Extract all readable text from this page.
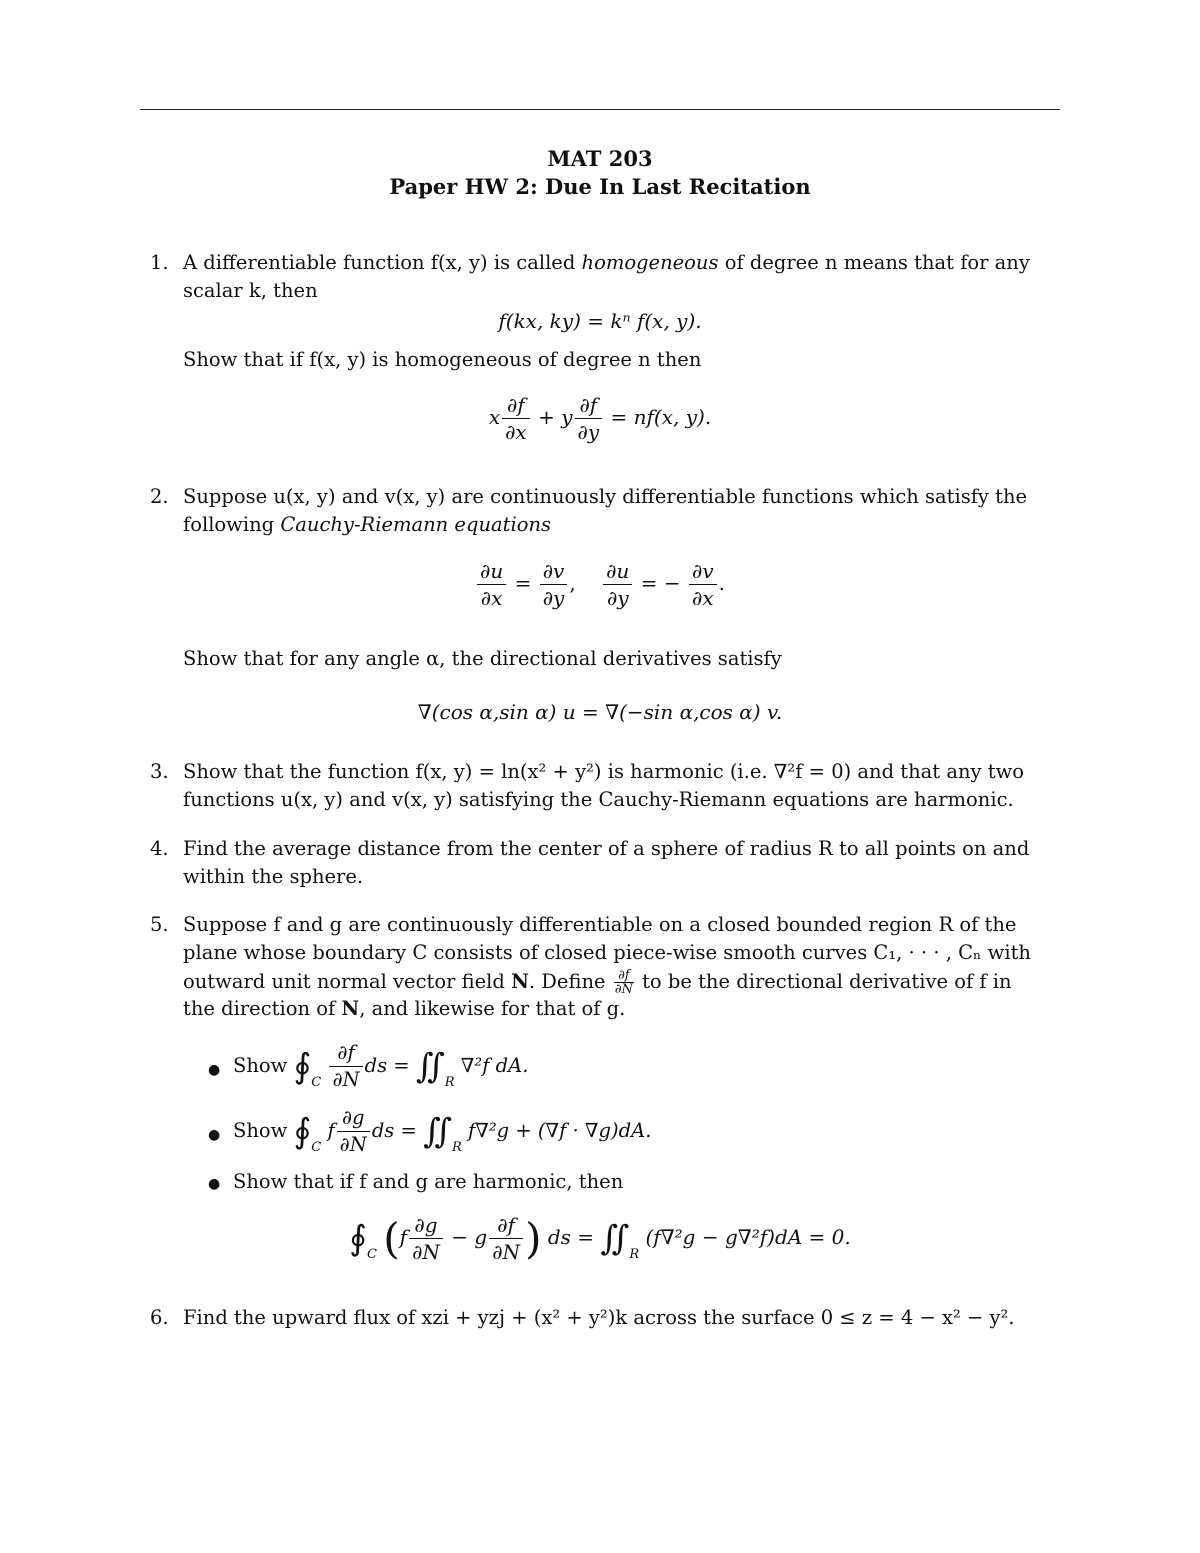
MAT 203
Paper HW 2: Due In Last Recitation
1. A differentiable function f(x, y) is called homogeneous of degree n means that for any
scalar k, then
f(kx, ky) = kⁿ f(x, y).
Show that if f(x, y) is homogeneous of degree n then
x $\frac{\partial f}{\partial x} + y \frac{\partial f}{\partial y} = nf(x$, y).
2. Suppose u(x, y) and v(x, y) are continuously differentiable functions which satisfy the
following Cauchy-Riemann equations
$\frac{\partial u}{\partial x} = \frac{\partial v}{\partial y}$ , $\frac{\partial u}{\partial y}$ = − $\frac{\partial v}{\partial x}$ .
Show that for any angle α, the directional derivatives satisfy
∇(cos α,sin α) u = ∇(−sin α,cos α) v.
3. Show that the function f(x, y) = ln(x² + y²) is harmonic (i.e. ∇²f = 0) and that any two
functions u(x, y) and v(x, y) satisfying the Cauchy-Riemann equations are harmonic.
4. Find the average distance from the center of a sphere of radius R to all points on and
within the sphere.
5. Suppose f and g are continuously differentiable on a closed bounded region R of the
plane whose boundary C consists of closed piece-wise smooth curves C₁, · · · , Cₙ with
outward unit normal vector field N. Define $\frac{\partial f}{\partial N}$ to be the directional derivative of f in
the direction of N, and likewise for that of g.
● Show $∮_C \frac{\partial f}{\partial N}$ ds = $∬_R$ ∇²f dA.
● Show $∮_C$ f $\frac{\partial g}{\partial N}$ ds = $∬_R$ f∇²g + (∇f · ∇g)dA.
● Show that if f and g are harmonic, then
$∮_C$ ($f \frac{\partial g}{\partial N} - g \frac{\partial f}{\partial N}$ ) ds = $∬_R$ (f∇²g − g∇²f)dA = 0.
6. Find the upward flux of xzi + yzj + (x² + y²)k across the surface 0 ≤ z = 4 − x² − y².
